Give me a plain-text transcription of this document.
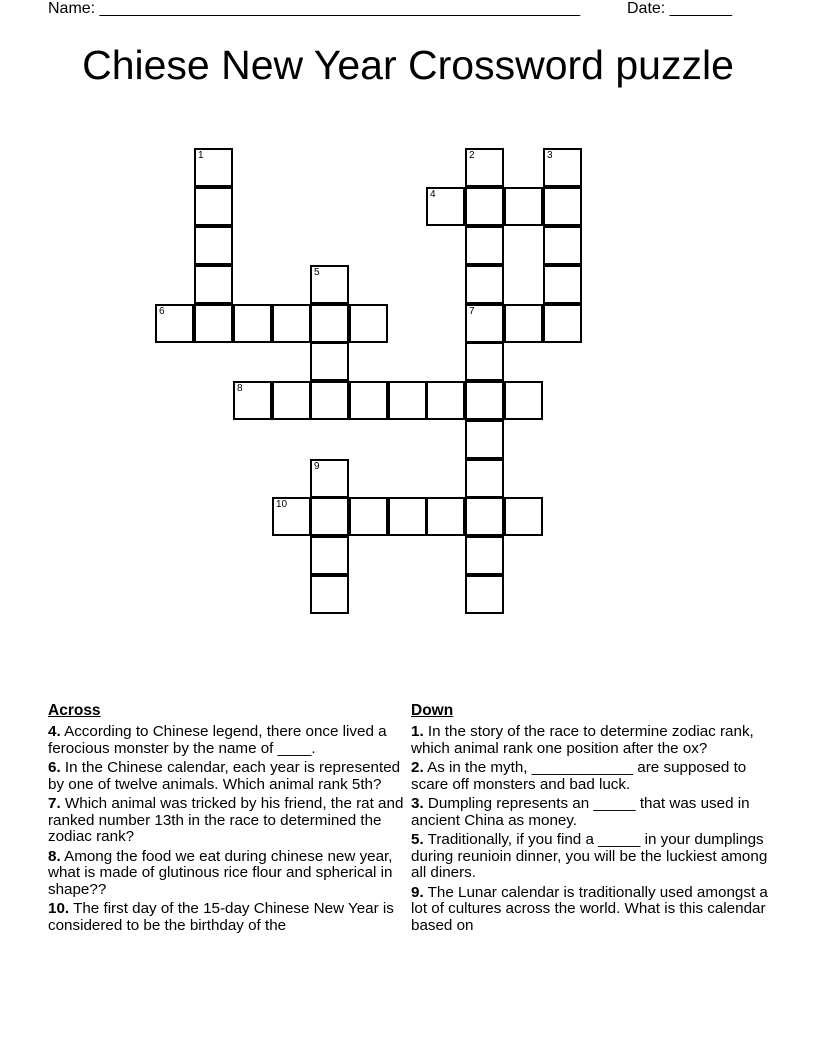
Name: ______________________________________________________	Date: _______
Chiese New Year Crossword puzzle
1	2	3
4
5
6	7
8
9
10
Across
4. According to Chinese legend, there once lived a ferocious monster by the name of ____.
6. In the Chinese calendar, each year is represented by one of twelve animals. Which animal rank 5th?
7. Which animal was tricked by his friend, the rat and ranked number 13th in the race to determined the zodiac rank?
8. Among the food we eat during chinese new year, what is made of glutinous rice flour and spherical in shape??
10. The first day of the 15-day Chinese New Year is considered to be the birthday of the
Down
1. In the story of the race to determine zodiac rank, which animal rank one position after the ox?
2. As in the myth, ____________ are supposed to scare off monsters and bad luck.
3. Dumpling represents an _____ that was used in ancient China as money.
5. Traditionally, if you find a _____ in your dumplings during reunioin dinner, you will be the luckiest among all diners.
9. The Lunar calendar is traditionally used amongst a lot of cultures across the world. What is this calendar based on
